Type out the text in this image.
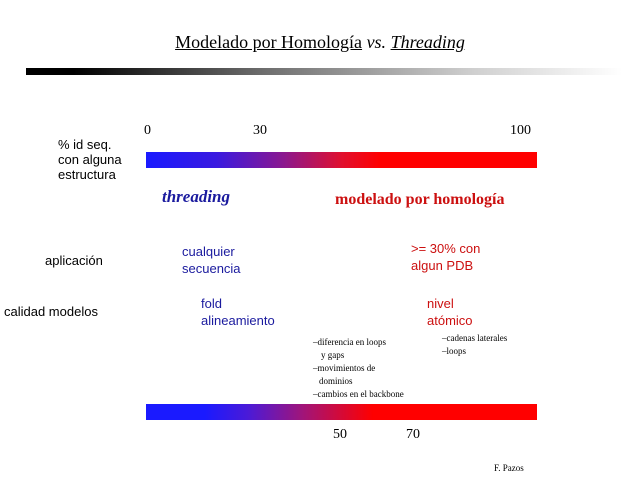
Modelado por Homología vs. Threading
0	30	100
% id seq.
con alguna
estructura
threading	modelado por homología
aplicación
cualquier
secuencia
>= 30% con
algun PDB
calidad modelos
fold
alineamiento
nivel
atómico
–diferencia en loops
y gaps
–movimientos de
dominios
–cambios en el backbone
–cadenas laterales
–loops
50	70
F. Pazos
